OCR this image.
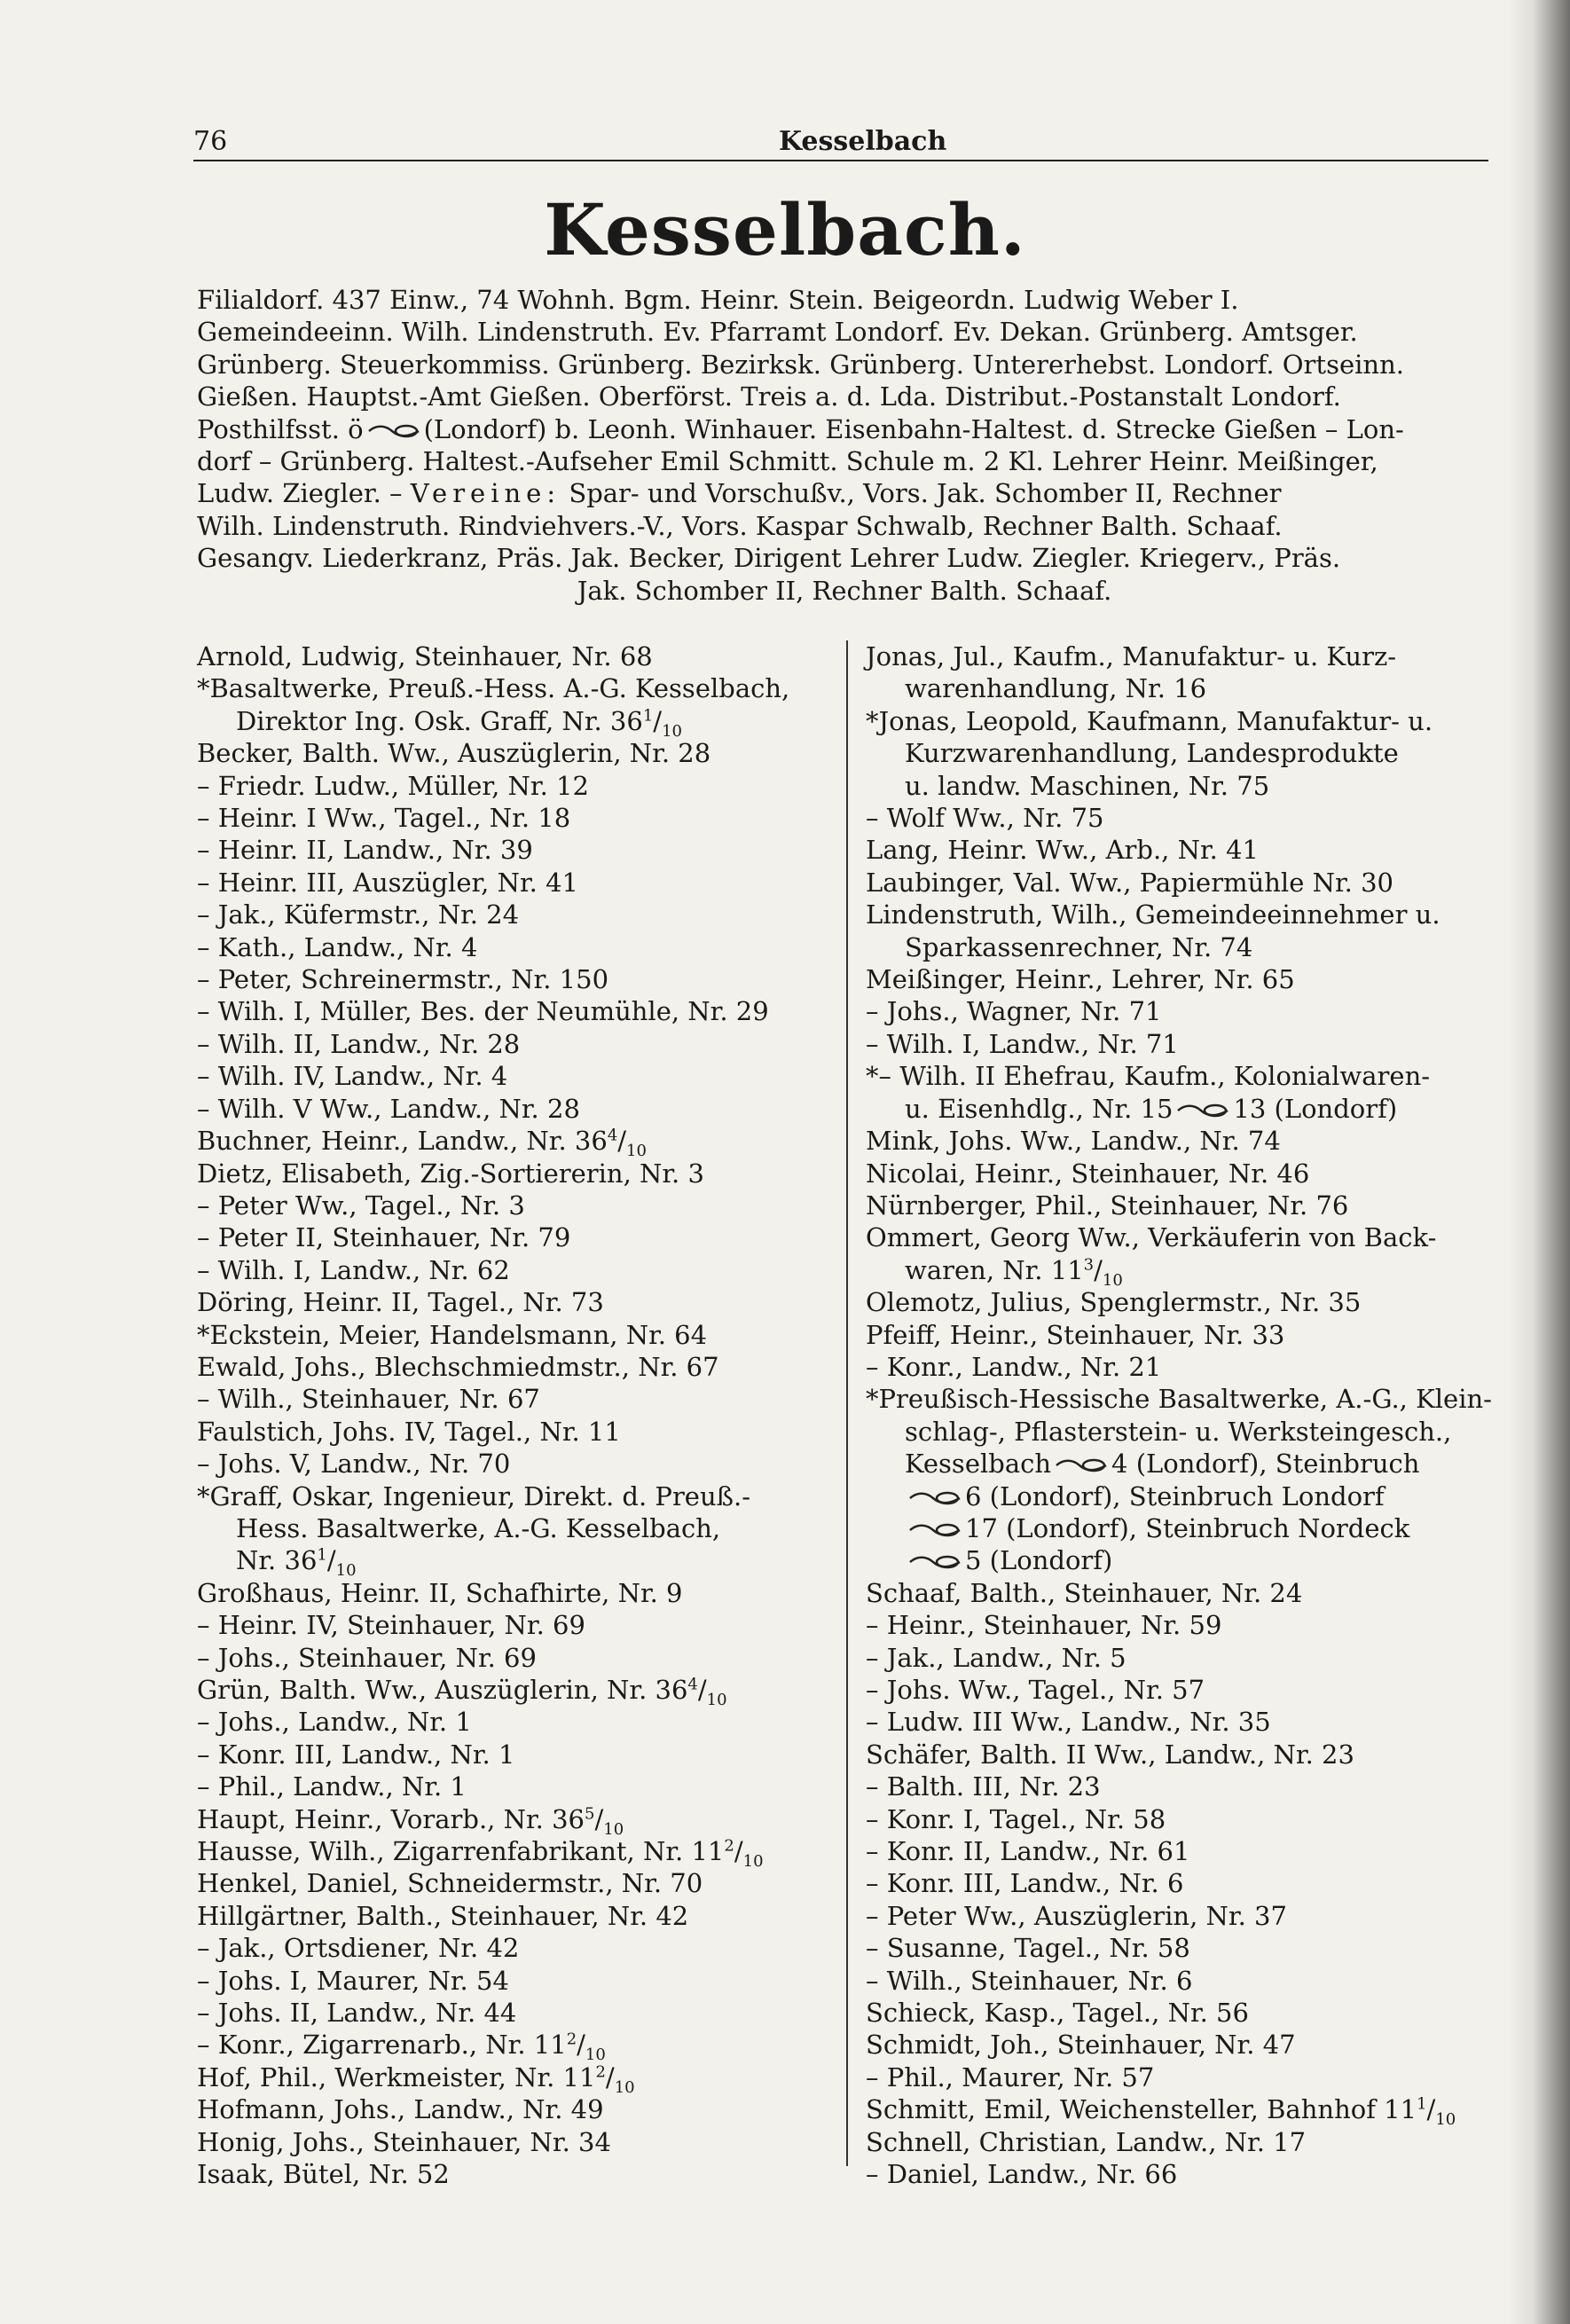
76	Kesselbach
Kesselbach.

Filialdorf. 437 Einw., 74 Wohnh. Bgm. Heinr. Stein. Beigeordn. Ludwig Weber I.

Gemeindeeinn. Wilh. Lindenstruth. Ev. Pfarramt Londorf. Ev. Dekan. Grünberg. Amtsger.

Grünberg. Steuerkommiss. Grünberg. Bezirksk. Grünberg. Untererhebst. Londorf. Ortseinn.

Gießen. Hauptst.-Amt Gießen. Oberförst. Treis a. d. Lda. Distribut.-Postanstalt Londorf.

Posthilfsst. ö (Londorf) b. Leonh. Winhauer. Eisenbahn-Haltest. d. Strecke Gießen – Lon-

dorf – Grünberg. Haltest.-Aufseher Emil Schmitt. Schule m. 2 Kl. Lehrer Heinr. Meißinger,

Ludw. Ziegler. – Vereine: Spar- und Vorschußv., Vors. Jak. Schomber II, Rechner

Wilh. Lindenstruth. Rindviehvers.-V., Vors. Kaspar Schwalb, Rechner Balth. Schaaf.

Gesangv. Liederkranz, Präs. Jak. Becker, Dirigent Lehrer Ludw. Ziegler. Kriegerv., Präs.

Jak. Schomber II, Rechner Balth. Schaaf.

Arnold, Ludwig, Steinhauer, Nr. 68
*Basaltwerke, Preuß.-Hess. A.-G. Kesselbach,
Direktor Ing. Osk. Graff, Nr. $36^1/_{10}$
Becker, Balth. Ww., Auszüglerin, Nr. 28
– Friedr. Ludw., Müller, Nr. 12
– Heinr. I Ww., Tagel., Nr. 18
– Heinr. II, Landw., Nr. 39
– Heinr. III, Auszügler, Nr. 41
– Jak., Küfermstr., Nr. 24
– Kath., Landw., Nr. 4
– Peter, Schreinermstr., Nr. 150
– Wilh. I, Müller, Bes. der Neumühle, Nr. 29
– Wilh. II, Landw., Nr. 28
– Wilh. IV, Landw., Nr. 4
– Wilh. V Ww., Landw., Nr. 28
Buchner, Heinr., Landw., Nr. $36^4/_{10}$
Dietz, Elisabeth, Zig.-Sortiererin, Nr. 3
– Peter Ww., Tagel., Nr. 3
– Peter II, Steinhauer, Nr. 79
– Wilh. I, Landw., Nr. 62
Döring, Heinr. II, Tagel., Nr. 73
*Eckstein, Meier, Handelsmann, Nr. 64
Ewald, Johs., Blechschmiedmstr., Nr. 67
– Wilh., Steinhauer, Nr. 67
Faulstich, Johs. IV, Tagel., Nr. 11
– Johs. V, Landw., Nr. 70
*Graff, Oskar, Ingenieur, Direkt. d. Preuß.-
Hess. Basaltwerke, A.-G. Kesselbach,
Nr. $36^1/_{10}$
Großhaus, Heinr. II, Schafhirte, Nr. 9
– Heinr. IV, Steinhauer, Nr. 69
– Johs., Steinhauer, Nr. 69
Grün, Balth. Ww., Auszüglerin, Nr. $36^4/_{10}$
– Johs., Landw., Nr. 1
– Konr. III, Landw., Nr. 1
– Phil., Landw., Nr. 1
Haupt, Heinr., Vorarb., Nr. $36^5/_{10}$
Hausse, Wilh., Zigarrenfabrikant, Nr. $11^2/_{10}$
Henkel, Daniel, Schneidermstr., Nr. 70
Hillgärtner, Balth., Steinhauer, Nr. 42
– Jak., Ortsdiener, Nr. 42
– Johs. I, Maurer, Nr. 54
– Johs. II, Landw., Nr. 44
– Konr., Zigarrenarb., Nr. $11^2/_{10}$
Hof, Phil., Werkmeister, Nr. $11^2/_{10}$
Hofmann, Johs., Landw., Nr. 49
Honig, Johs., Steinhauer, Nr. 34
Isaak, Bütel, Nr. 52
Jonas, Jul., Kaufm., Manufaktur- u. Kurz-
warenhandlung, Nr. 16
*Jonas, Leopold, Kaufmann, Manufaktur- u.
Kurzwarenhandlung, Landesprodukte
u. landw. Maschinen, Nr. 75
– Wolf Ww., Nr. 75
Lang, Heinr. Ww., Arb., Nr. 41
Laubinger, Val. Ww., Papiermühle Nr. 30
Lindenstruth, Wilh., Gemeindeeinnehmer u.
Sparkassenrechner, Nr. 74
Meißinger, Heinr., Lehrer, Nr. 65
– Johs., Wagner, Nr. 71
– Wilh. I, Landw., Nr. 71
*– Wilh. II Ehefrau, Kaufm., Kolonialwaren-
u. Eisenhdlg., Nr. 15 13 (Londorf)
Mink, Johs. Ww., Landw., Nr. 74
Nicolai, Heinr., Steinhauer, Nr. 46
Nürnberger, Phil., Steinhauer, Nr. 76
Ommert, Georg Ww., Verkäuferin von Back-
waren, Nr. $11^3/_{10}$
Olemotz, Julius, Spenglermstr., Nr. 35
Pfeiff, Heinr., Steinhauer, Nr. 33
– Konr., Landw., Nr. 21
*Preußisch-Hessische Basaltwerke, A.-G., Klein-
schlag-, Pflasterstein- u. Werksteingesch.,
Kesselbach 4 (Londorf), Steinbruch
6 (Londorf), Steinbruch Londorf
17 (Londorf), Steinbruch Nordeck
5 (Londorf)
Schaaf, Balth., Steinhauer, Nr. 24
– Heinr., Steinhauer, Nr. 59
– Jak., Landw., Nr. 5
– Johs. Ww., Tagel., Nr. 57
– Ludw. III Ww., Landw., Nr. 35
Schäfer, Balth. II Ww., Landw., Nr. 23
– Balth. III, Nr. 23
– Konr. I, Tagel., Nr. 58
– Konr. II, Landw., Nr. 61
– Konr. III, Landw., Nr. 6
– Peter Ww., Auszüglerin, Nr. 37
– Susanne, Tagel., Nr. 58
– Wilh., Steinhauer, Nr. 6
Schieck, Kasp., Tagel., Nr. 56
Schmidt, Joh., Steinhauer, Nr. 47
– Phil., Maurer, Nr. 57
Schmitt, Emil, Weichensteller, Bahnhof $11^1/_{10}$
Schnell, Christian, Landw., Nr. 17
– Daniel, Landw., Nr. 66
